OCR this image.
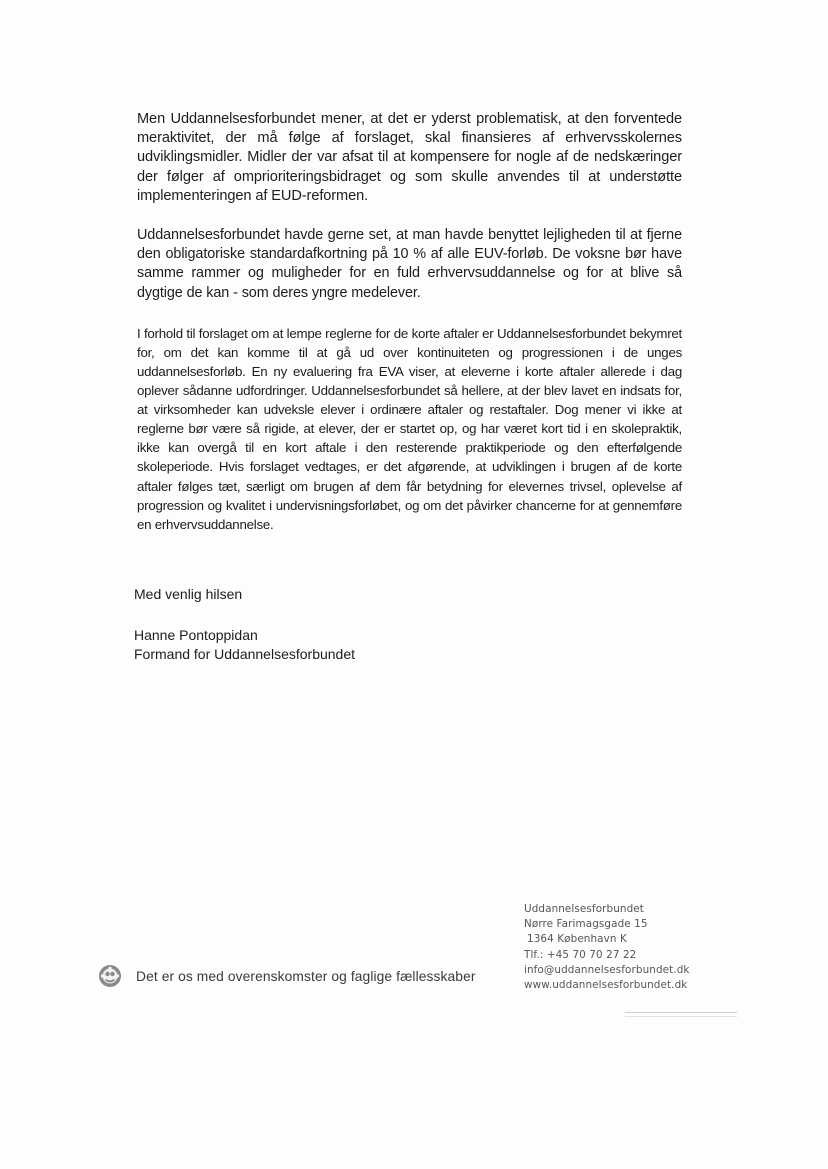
Men Uddannelsesforbundet mener, at det er yderst problematisk, at den forventede meraktivitet, der må følge af forslaget, skal finansieres af erhvervsskolernes udviklingsmidler. Midler der var afsat til at kompensere for nogle af de nedskæringer der følger af omprioriteringsbidraget og som skulle anvendes til at understøtte implementeringen af EUD-reformen.

Uddannelsesforbundet havde gerne set, at man havde benyttet lejligheden til at fjerne den obligatoriske standardafkortning på 10 % af alle EUV-forløb. De voksne bør have samme rammer og muligheder for en fuld erhvervsuddannelse og for at blive så dygtige de kan - som deres yngre medelever.

I forhold til forslaget om at lempe reglerne for de korte aftaler er Uddannelsesforbundet bekymret for, om det kan komme til at gå ud over kontinuiteten og progressionen i de unges uddannelsesforløb. En ny evaluering fra EVA viser, at eleverne i korte aftaler allerede i dag oplever sådanne udfordringer. Uddannelsesforbundet så hellere, at der blev lavet en indsats for, at virksomheder kan udveksle elever i ordinære aftaler og restaftaler. Dog mener vi ikke at reglerne bør være så rigide, at elever, der er startet op, og har været kort tid i en skolepraktik, ikke kan overgå til en kort aftale i den resterende praktikperiode og den efterfølgende skoleperiode. Hvis forslaget vedtages, er det afgørende, at udviklingen i brugen af de korte aftaler følges tæt, særligt om brugen af dem får betydning for elevernes trivsel, oplevelse af progression og kvalitet i undervisningsforløbet, og om det påvirker chancerne for at gennemføre en erhvervsuddannelse.

Med venlig hilsen

Hanne Pontoppidan
Formand for Uddannelsesforbundet
Uddannelsesforbundet
Nørre Farimagsgade 15
1364 København K
Tlf.: +45 70 70 27 22
info@uddannelsesforbundet.dk
www.uddannelsesforbundet.dk
Det er os med overenskomster og faglige fællesskaber
